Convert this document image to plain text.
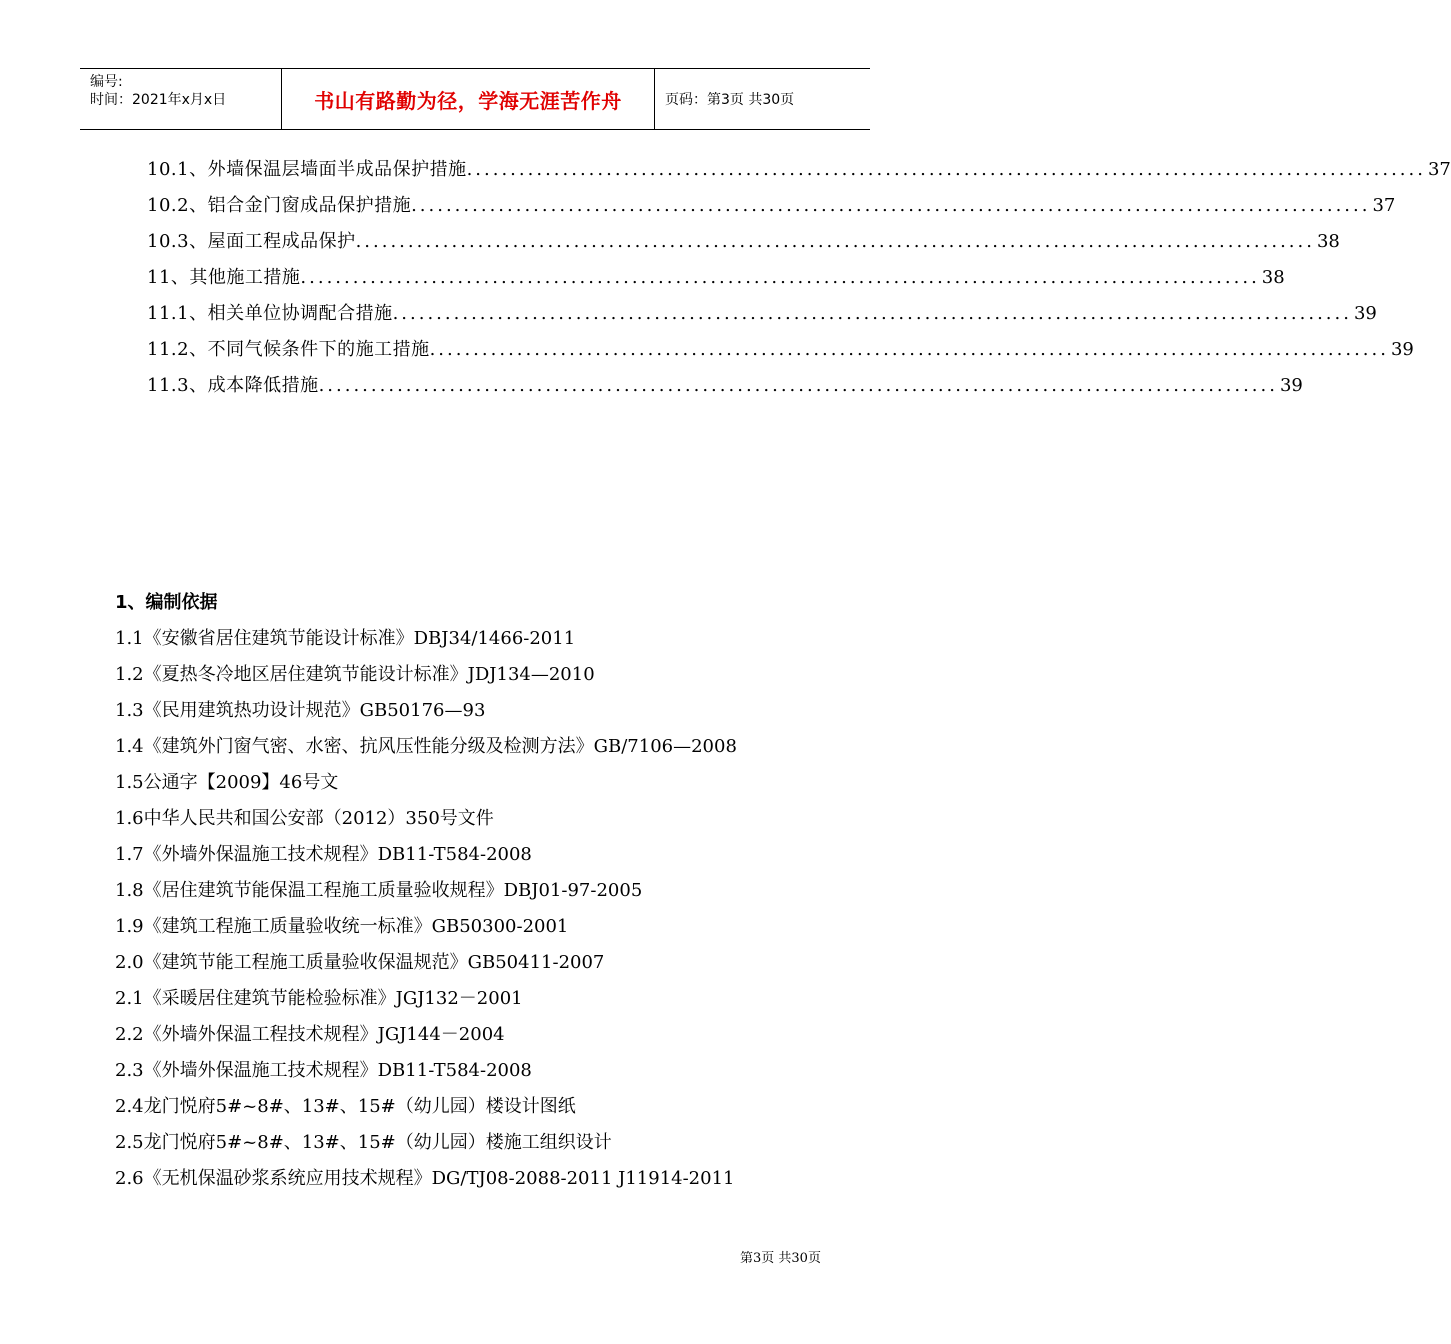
编号:
时间：2021年x月x日	书山有路勤为径，学海无涯苦作舟	页码：第3页 共30页
10.1、外墙保温层墙面半成品保护措施 .............................................................................................................. 37
10.2、铝合金门窗成品保护措施 .............................................................................................................. 37
10.3、屋面工程成品保护 .............................................................................................................. 38
11、其他施工措施 .............................................................................................................. 38
11.1、相关单位协调配合措施 .............................................................................................................. 39
11.2、不同气候条件下的施工措施 .............................................................................................................. 39
11.3、成本降低措施 .............................................................................................................. 39
1、编制依据
1.1《安徽省居住建筑节能设计标准》DBJ34/1466-2011
1.2《夏热冬冷地区居住建筑节能设计标准》JDJ134—2010
1.3《民用建筑热功设计规范》GB50176—93
1.4《建筑外门窗气密、水密、抗风压性能分级及检测方法》GB/7106—2008
1.5公通字【2009】46号文
1.6中华人民共和国公安部（2012）350号文件
1.7《外墙外保温施工技术规程》DB11-T584-2008
1.8《居住建筑节能保温工程施工质量验收规程》DBJ01-97-2005
1.9《建筑工程施工质量验收统一标准》GB50300-2001
2.0《建筑节能工程施工质量验收保温规范》GB50411-2007
2.1《采暖居住建筑节能检验标准》JGJ132－2001
2.2《外墙外保温工程技术规程》JGJ144－2004
2.3《外墙外保温施工技术规程》DB11-T584-2008
2.4龙门悦府5#~8#、13#、15#（幼儿园）楼设计图纸
2.5龙门悦府5#~8#、13#、15#（幼儿园）楼施工组织设计
2.6《无机保温砂浆系统应用技术规程》DG/TJ08-2088-2011 J11914-2011
第3页 共30页
